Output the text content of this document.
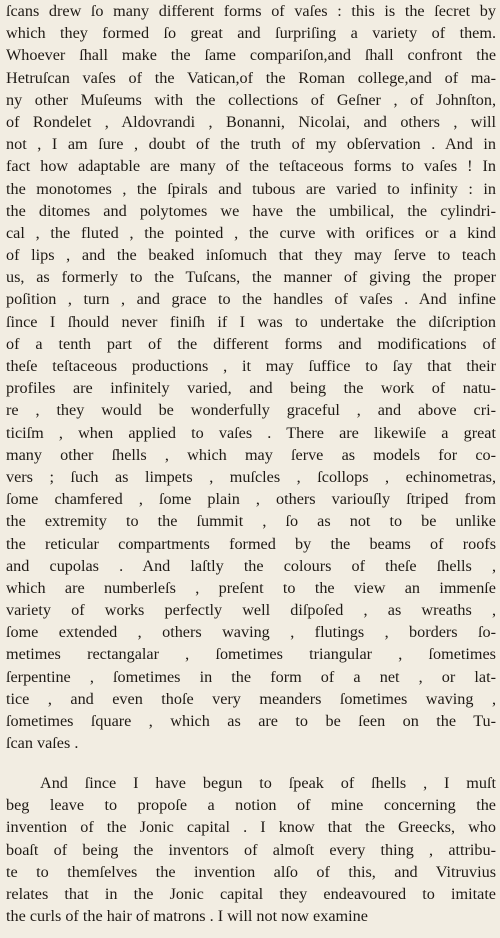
ſcans drew ſo many different forms of vaſes : this is the ſecret by
which they formed ſo great and ſurpriſing a variety of them.
Whoever ſhall make the ſame compariſon,and ſhall confront the
Hetruſcan vaſes of the Vatican,of the Roman college,and of ma-
ny other Muſeums with the collections of Geſner , of Johnſton,
of Rondelet , Aldovrandi , Bonanni, Nicolai, and others , will
not , I am ſure , doubt of the truth of my obſervation . And in
fact how adaptable are many of the teſtaceous forms to vaſes ! In
the monotomes , the ſpirals and tubous are varied to infinity : in
the ditomes and polytomes we have the umbilical, the cylindri-
cal , the fluted , the pointed , the curve with orifices or a kind
of lips , and the beaked inſomuch that they may ſerve to teach
us, as formerly to the Tuſcans, the manner of giving the proper
poſition , turn , and grace to the handles of vaſes . And infine
ſince I ſhould never finiſh if I was to undertake the diſcription
of a tenth part of the different forms and modifications of
theſe teſtaceous productions , it may ſuffice to ſay that their
profiles are infinitely varied, and being the work of natu-
re , they would be wonderfully graceful , and above cri-
ticiſm , when applied to vaſes . There are likewiſe a great
many other ſhells , which may ſerve as models for co-
vers ; ſuch as limpets , muſcles , ſcollops , echinometras,
ſome chamfered , ſome plain , others variouſly ſtriped from
the extremity to the ſummit , ſo as not to be unlike
the reticular compartments formed by the beams of roofs
and cupolas . And laſtly the colours of theſe ſhells ,
which are numberleſs , preſent to the view an immenſe
variety of works perfectly well diſpoſed , as wreaths ,
ſome extended , others waving , flutings , borders ſo-
metimes rectangalar , ſometimes triangular , ſometimes
ſerpentine , ſometimes in the form of a net , or lat-
tice , and even thoſe very meanders ſometimes waving ,
ſometimes ſquare , which as are to be ſeen on the Tu-
ſcan vaſes .
And ſince I have begun to ſpeak of ſhells , I muſt
beg leave to propoſe a notion of mine concerning the
invention of the Jonic capital . I know that the Greecks, who
boaſt of being the inventors of almoſt every thing , attribu-
te to themſelves the invention alſo of this, and Vitruvius
relates that in the Jonic capital they endeavoured to imitate
the curls of the hair of matrons . I will not now examine
